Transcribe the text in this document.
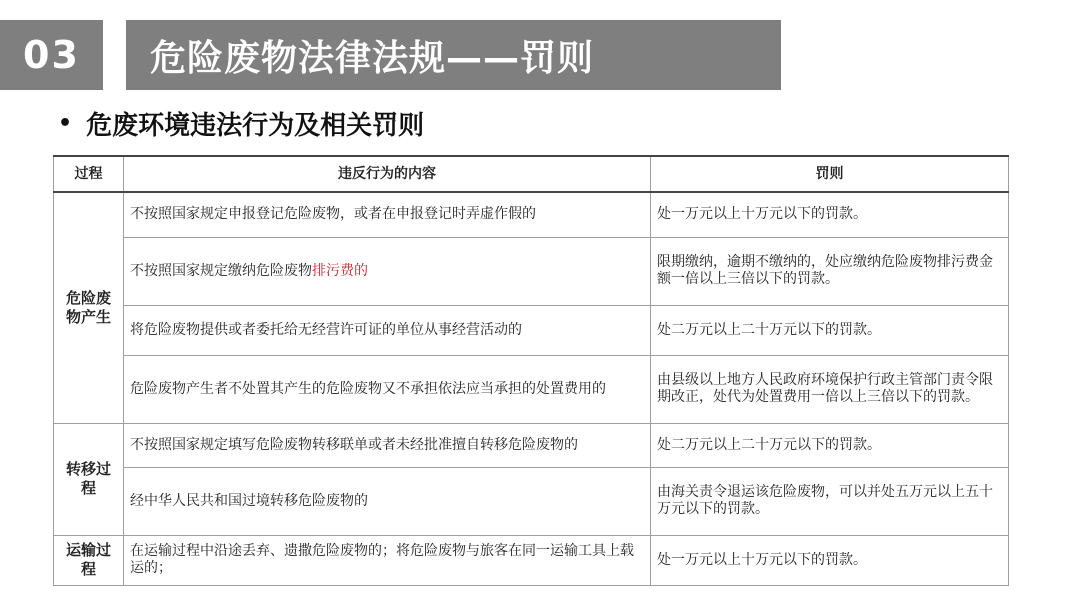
03 危险废物法律法规——罚则
• 危废环境违法行为及相关罚则
过程	违反行为的内容	罚则
危险废物产生	不按照国家规定申报登记危险废物，或者在申报登记时弄虚作假的	处一万元以上十万元以下的罚款。
	不按照国家规定缴纳危险废物排污费的	限期缴纳，逾期不缴纳的，处应缴纳危险废物排污费金额一倍以上三倍以下的罚款。
	将危险废物提供或者委托给无经营许可证的单位从事经营活动的	处二万元以上二十万元以下的罚款。
	危险废物产生者不处置其产生的危险废物又不承担依法应当承担的处置费用的	由县级以上地方人民政府环境保护行政主管部门责令限期改正，处代为处置费用一倍以上三倍以下的罚款。
转移过程	不按照国家规定填写危险废物转移联单或者未经批准擅自转移危险废物的	处二万元以上二十万元以下的罚款。
	经中华人民共和国过境转移危险废物的	由海关责令退运该危险废物，可以并处五万元以上五十万元以下的罚款。
运输过程	在运输过程中沿途丢弃、遗撒危险废物的；将危险废物与旅客在同一运输工具上载运的；	处一万元以上十万元以下的罚款。
